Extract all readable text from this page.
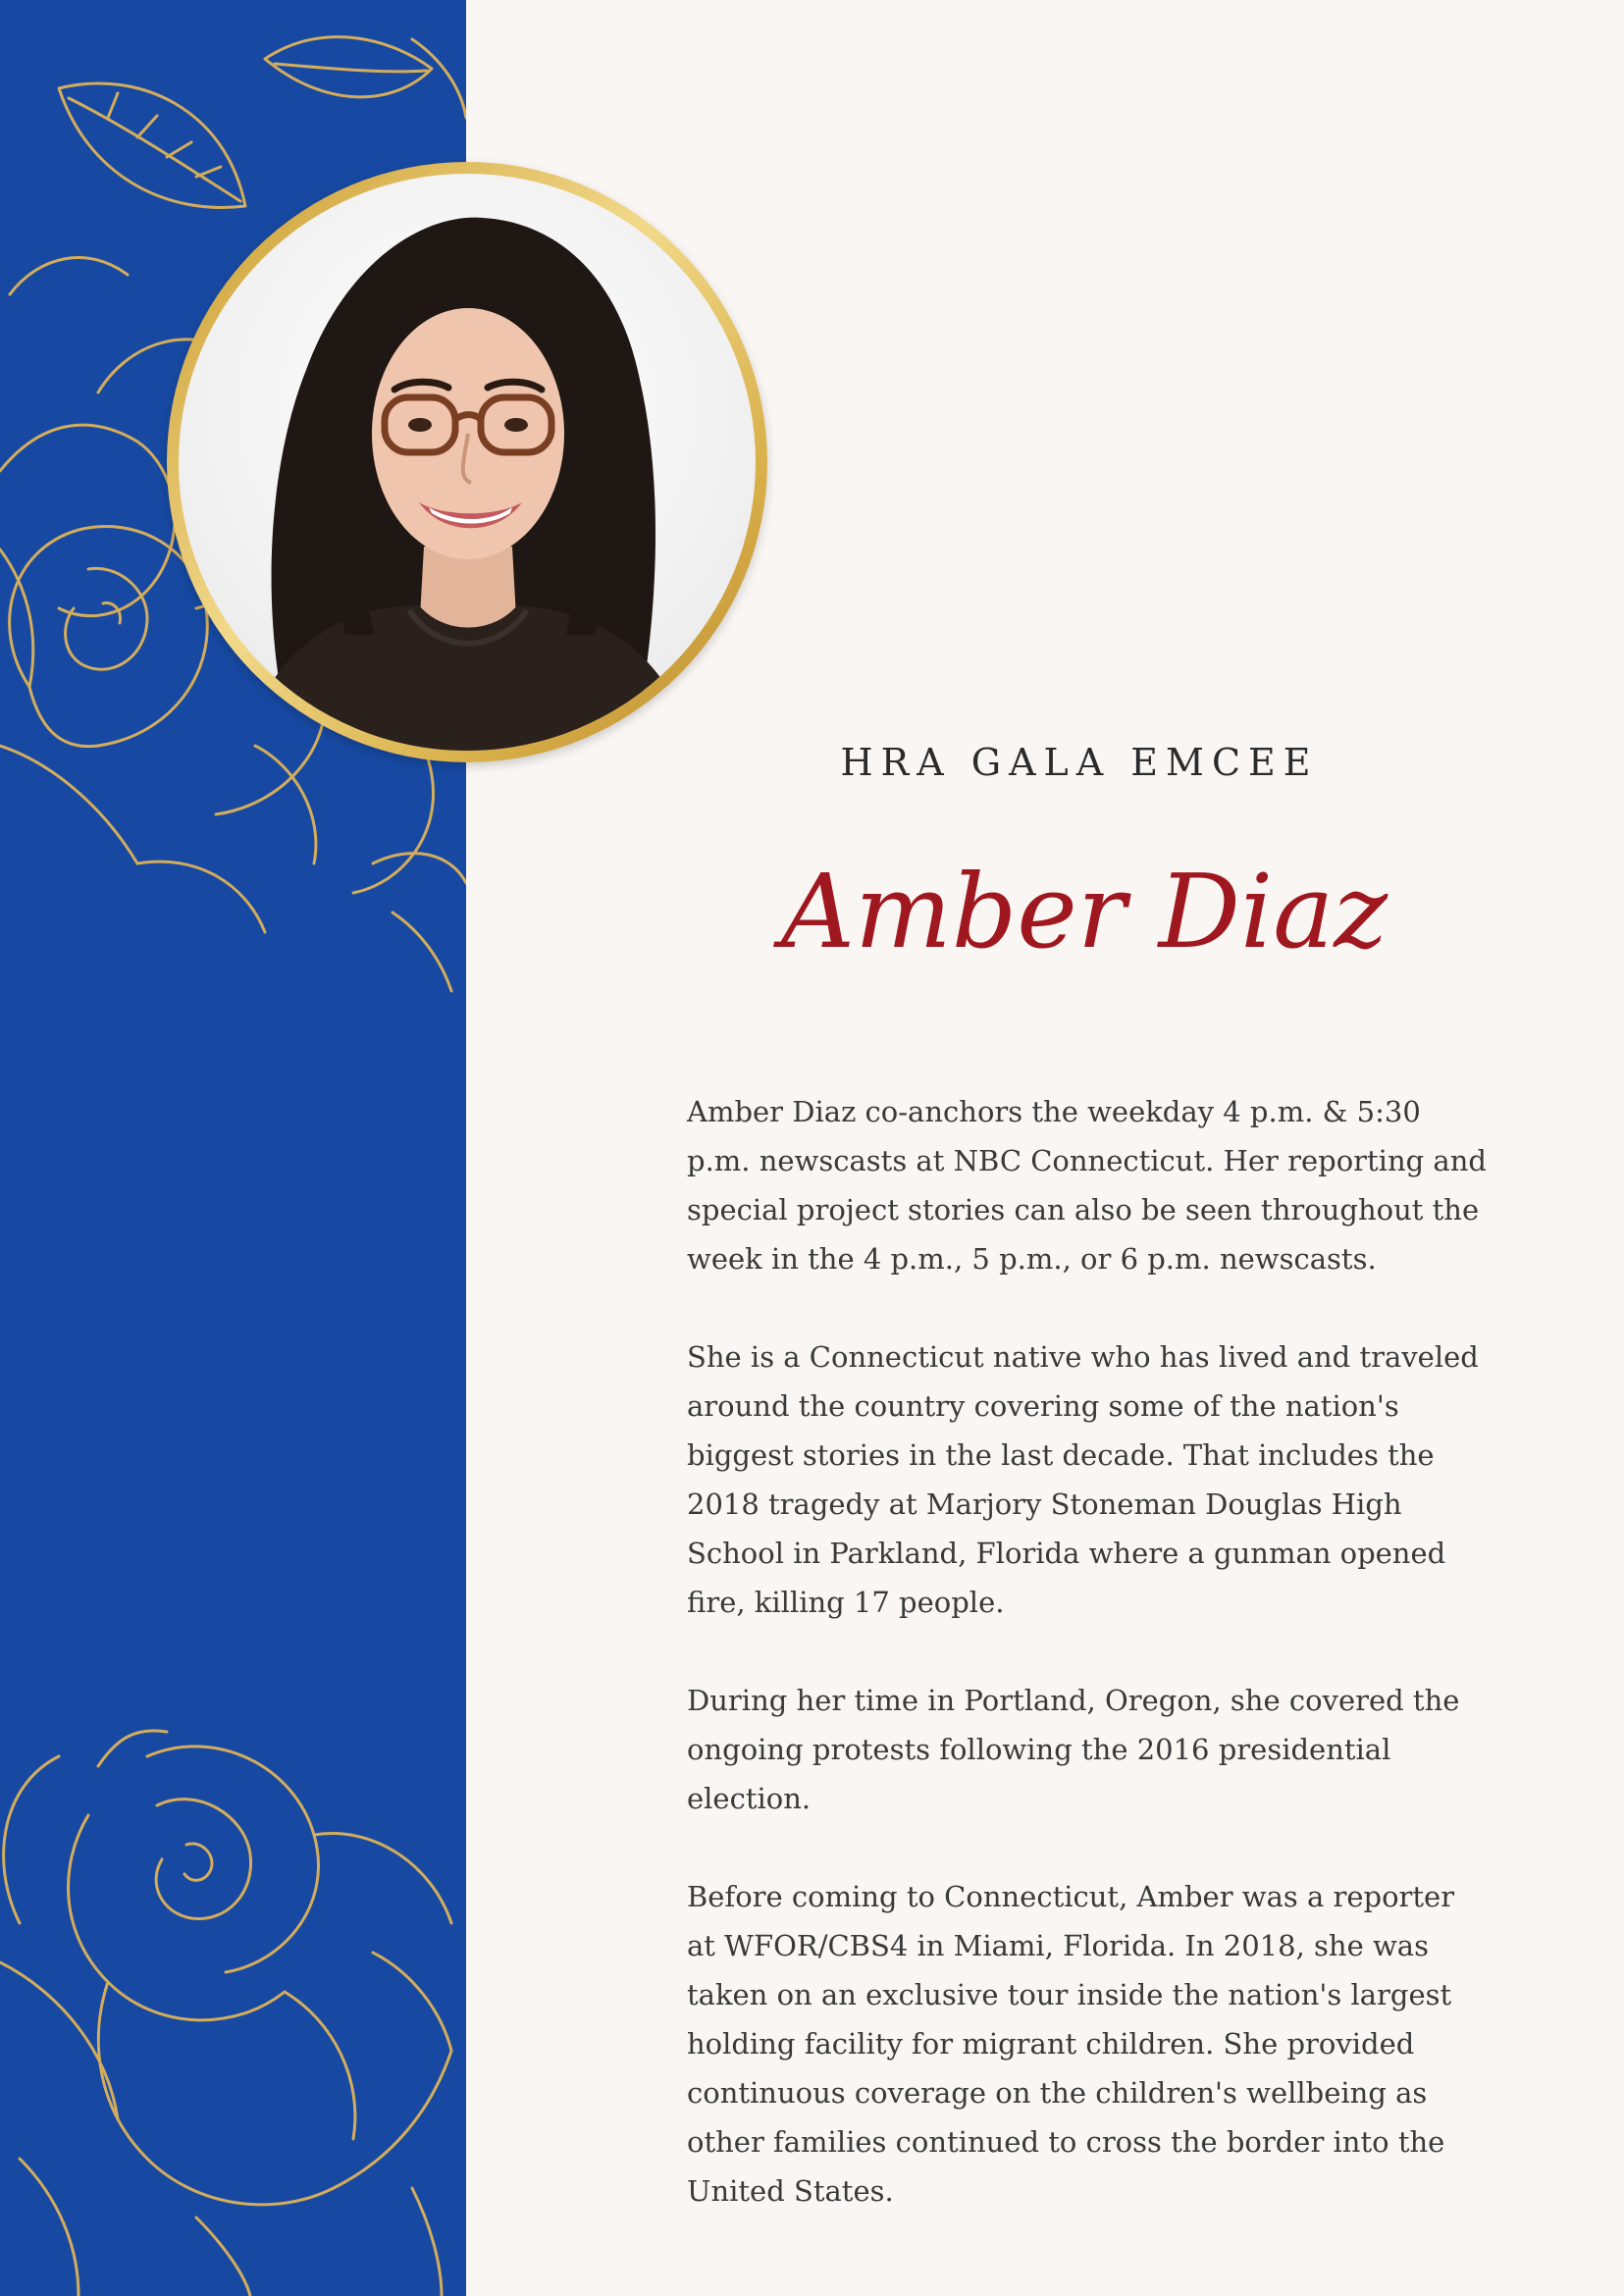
HRA GALA EMCEE
Amber Diaz

Amber Diaz co-anchors the weekday 4 p.m. & 5:30 p.m. newscasts at NBC Connecticut. Her reporting and special project stories can also be seen throughout the week in the 4 p.m., 5 p.m., or 6 p.m. newscasts.

She is a Connecticut native who has lived and traveled around the country covering some of the nation's biggest stories in the last decade. That includes the 2018 tragedy at Marjory Stoneman Douglas High School in Parkland, Florida where a gunman opened fire, killing 17 people.

During her time in Portland, Oregon, she covered the ongoing protests following the 2016 presidential election.

Before coming to Connecticut, Amber was a reporter at WFOR/CBS4 in Miami, Florida. In 2018, she was taken on an exclusive tour inside the nation's largest holding facility for migrant children. She provided continuous coverage on the children's wellbeing as other families continued to cross the border into the United States.
